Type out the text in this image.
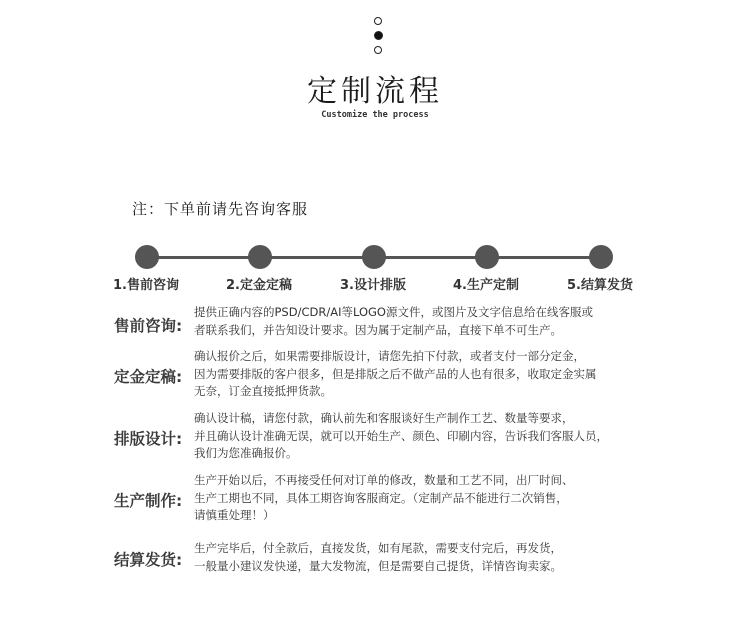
定制流程
Customize the process
注：下单前请先咨询客服
1.售前咨询	2.定金定稿	3.设计排版	4.生产定制	5.结算发货
售前咨询:
提供正确内容的PSD/CDR/AI等LOGO源文件，或图片及文字信息给在线客服或
者联系我们，并告知设计要求。因为属于定制产品，直接下单不可生产。
定金定稿:
确认报价之后，如果需要排版设计，请您先拍下付款，或者支付一部分定金，
因为需要排版的客户很多，但是排版之后不做产品的人也有很多，收取定金实属
无奈，订金直接抵押货款。
排版设计:
确认设计稿，请您付款，确认前先和客服谈好生产制作工艺、数量等要求，
并且确认设计准确无误，就可以开始生产、颜色、印刷内容，告诉我们客服人员，
我们为您准确报价。
生产制作:
生产开始以后，不再接受任何对订单的修改，数量和工艺不同，出厂时间、
生产工期也不同，具体工期咨询客服商定。（定制产品不能进行二次销售，
请慎重处理！）
结算发货:
生产完毕后，付全款后，直接发货，如有尾款，需要支付完后，再发货，
一般量小建议发快递，量大发物流，但是需要自己提货，详情咨询卖家。
